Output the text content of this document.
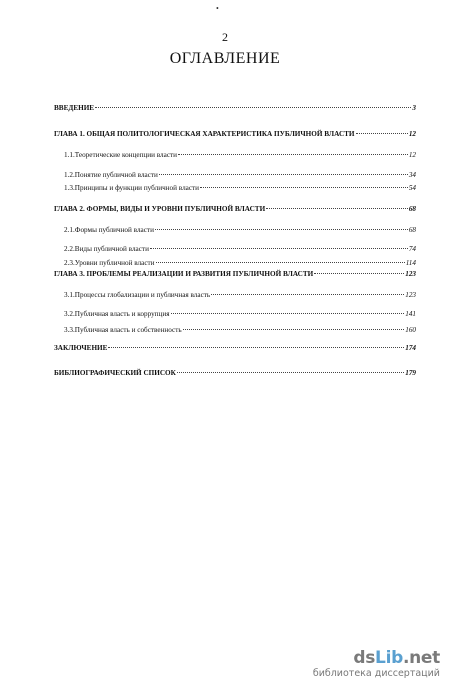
•
2
ОГЛАВЛЕНИЕ
ВВЕДЕНИЕ	3
ГЛАВА 1. ОБЩАЯ ПОЛИТОЛОГИЧЕСКАЯ ХАРАКТЕРИСТИКА ПУБЛИЧНОЙ ВЛАСТИ	12
1.1.Теоретические концепции власти	12
1.2.Понятие публичной власти	34
1.3.Принципы и функции публичной власти	54
ГЛАВА 2. ФОРМЫ, ВИДЫ И УРОВНИ ПУБЛИЧНОЙ ВЛАСТИ	68
2.1.Формы публичной власти	68
2.2.Виды публичной власти	74
2.3.Уровни публичной власти	114
ГЛАВА 3. ПРОБЛЕМЫ РЕАЛИЗАЦИИ И РАЗВИТИЯ ПУБЛИЧНОЙ ВЛАСТИ	123
3.1.Процессы глобализации и публичная власть	123
3.2.Публичная власть и коррупция	141
3.3.Публичная власть и собственность	160
ЗАКЛЮЧЕНИЕ	174
БИБЛИОГРАФИЧЕСКИЙ СПИСОК	179
dsLib.net
библиотека диссертаций
